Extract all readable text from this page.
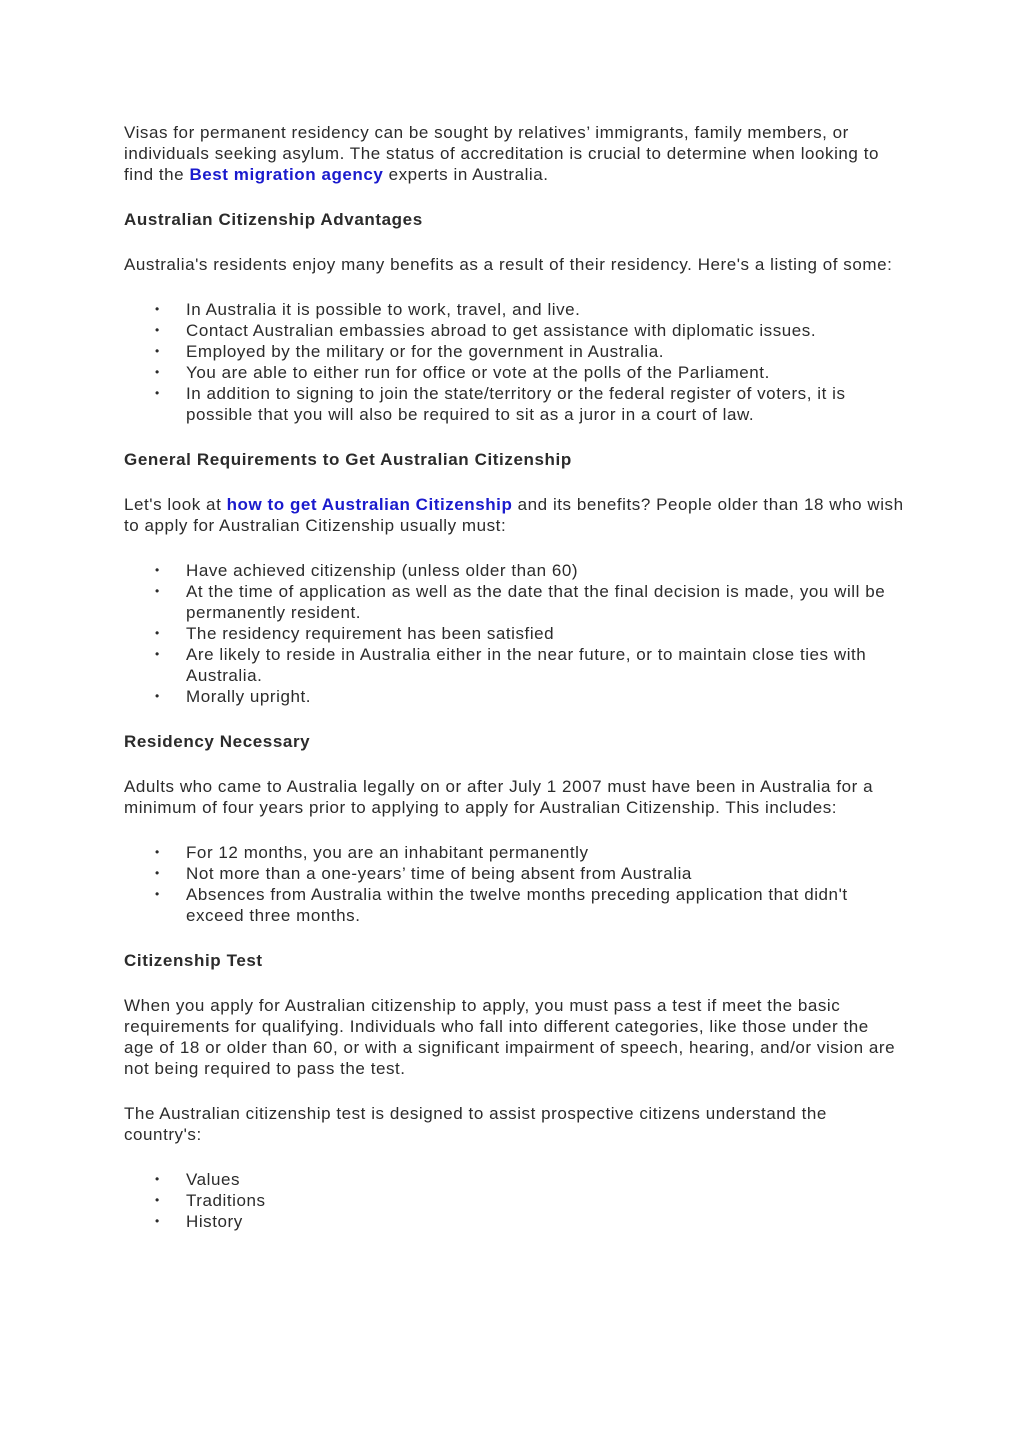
Visas for permanent residency can be sought by relatives’ immigrants, family members, or individuals seeking asylum. The status of accreditation is crucial to determine when looking to find the Best migration agency experts in Australia.

Australian Citizenship Advantages

Australia's residents enjoy many benefits as a result of their residency. Here's a listing of some:

• In Australia it is possible to work, travel, and live.
• Contact Australian embassies abroad to get assistance with diplomatic issues.
• Employed by the military or for the government in Australia.
• You are able to either run for office or vote at the polls of the Parliament.
• In addition to signing to join the state/territory or the federal register of voters, it is possible that you will also be required to sit as a juror in a court of law.
General Requirements to Get Australian Citizenship

Let's look at how to get Australian Citizenship and its benefits? People older than 18 who wish to apply for Australian Citizenship usually must:

• Have achieved citizenship (unless older than 60)
• At the time of application as well as the date that the final decision is made, you will be permanently resident.
• The residency requirement has been satisfied
• Are likely to reside in Australia either in the near future, or to maintain close ties with Australia.
• Morally upright.
Residency Necessary

Adults who came to Australia legally on or after July 1 2007 must have been in Australia for a minimum of four years prior to applying to apply for Australian Citizenship. This includes:

• For 12 months, you are an inhabitant permanently
• Not more than a one-years’ time of being absent from Australia
• Absences from Australia within the twelve months preceding application that didn't exceed three months.
Citizenship Test

When you apply for Australian citizenship to apply, you must pass a test if meet the basic requirements for qualifying. Individuals who fall into different categories, like those under the age of 18 or older than 60, or with a significant impairment of speech, hearing, and/or vision are not being required to pass the test.

The Australian citizenship test is designed to assist prospective citizens understand the country's:

• Values
• Traditions
• History
